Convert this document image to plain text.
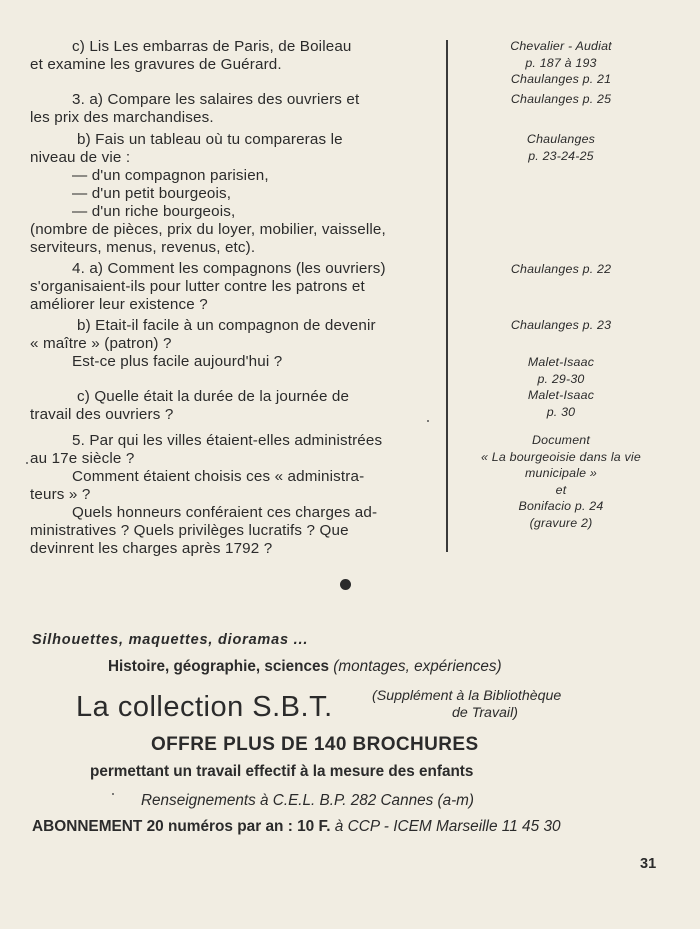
c) Lis Les embarras de Paris, de Boileau
et examine les gravures de Guérard.
3. a) Compare les salaires des ouvriers et
les prix des marchandises.
b) Fais un tableau où tu compareras le
niveau de vie :
— d'un compagnon parisien,
— d'un petit bourgeois,
— d'un riche bourgeois,
(nombre de pièces, prix du loyer, mobilier, vaisselle,
serviteurs, menus, revenus, etc).
4. a) Comment les compagnons (les ouvriers)
s'organisaient-ils pour lutter contre les patrons et
améliorer leur existence ?
b) Etait-il facile à un compagnon de devenir
« maître » (patron) ?
Est-ce plus facile aujourd'hui ?
c) Quelle était la durée de la journée de
travail des ouvriers ?
5. Par qui les villes étaient-elles administrées
au 17e siècle ?
Comment étaient choisis ces « administra-
teurs » ?
Quels honneurs conféraient ces charges ad-
ministratives ? Quels privilèges lucratifs ? Que
devinrent les charges après 1792 ?
Chevalier - Audiat
p. 187 à 193
Chaulanges p. 21
Chaulanges p. 25
Chaulanges
p. 23-24-25
Chaulanges p. 22
Chaulanges p. 23
Malet-Isaac
p. 29-30
Malet-Isaac
p. 30
Document
« La bourgeoisie dans la vie
municipale »
et
Bonifacio p. 24
(gravure 2)
Silhouettes, maquettes, dioramas ...
Histoire, géographie, sciences (montages, expériences)
La collection S.B.T.	(Supplément à la Bibliothèque
de Travail)
OFFRE PLUS DE 140 BROCHURES
permettant un travail effectif à la mesure des enfants
Renseignements à C.E.L. B.P. 282 Cannes (a-m)
ABONNEMENT 20 numéros par an : 10 F. à CCP - ICEM Marseille 11 45 30
31
